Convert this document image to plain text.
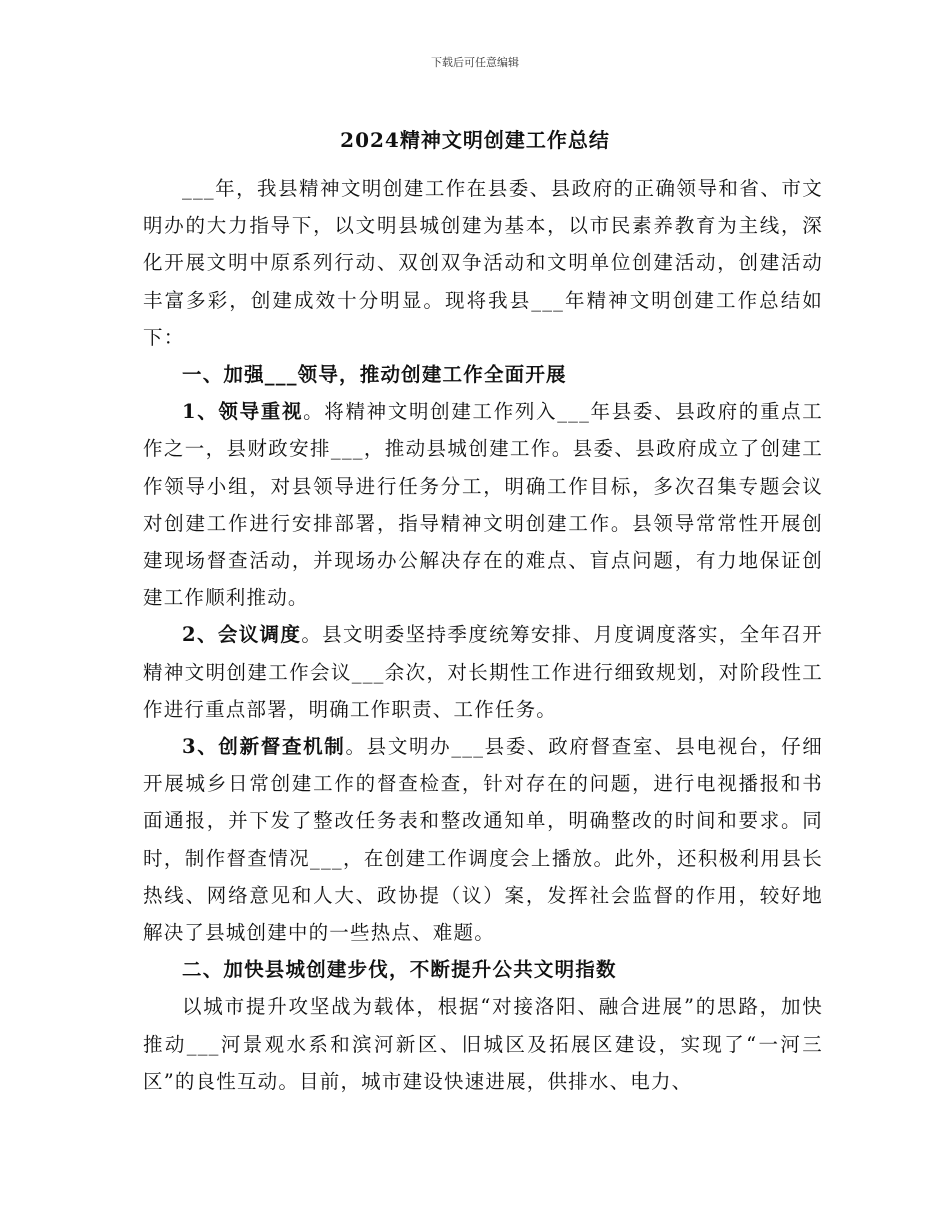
下载后可任意编辑
2024精神文明创建工作总结

___年，我县精神文明创建工作在县委、县政府的正确领导和省、市文明办的大力指导下，以文明县城创建为基本，以市民素养教育为主线，深化开展文明中原系列行动、双创双争活动和文明单位创建活动，创建活动丰富多彩，创建成效十分明显。现将我县___年精神文明创建工作总结如下：

一、加强___领导，推动创建工作全面开展

1、领导重视。将精神文明创建工作列入___年县委、县政府的重点工作之一，县财政安排___，推动县城创建工作。县委、县政府成立了创建工作领导小组，对县领导进行任务分工，明确工作目标，多次召集专题会议对创建工作进行安排部署，指导精神文明创建工作。县领导常常性开展创建现场督查活动，并现场办公解决存在的难点、盲点问题，有力地保证创建工作顺利推动。

2、会议调度。县文明委坚持季度统筹安排、月度调度落实，全年召开精神文明创建工作会议___余次，对长期性工作进行细致规划，对阶段性工作进行重点部署，明确工作职责、工作任务。

3、创新督查机制。县文明办___县委、政府督查室、县电视台，仔细开展城乡日常创建工作的督查检查，针对存在的问题，进行电视播报和书面通报，并下发了整改任务表和整改通知单，明确整改的时间和要求。同时，制作督查情况___，在创建工作调度会上播放。此外，还积极利用县长热线、网络意见和人大、政协提（议）案，发挥社会监督的作用，较好地解决了县城创建中的一些热点、难题。

二、加快县城创建步伐，不断提升公共文明指数

以城市提升攻坚战为载体，根据“对接洛阳、融合进展”的思路，加快推动___河景观水系和滨河新区、旧城区及拓展区建设，实现了“一河三区”的良性互动。目前，城市建设快速进展，供排水、电力、
